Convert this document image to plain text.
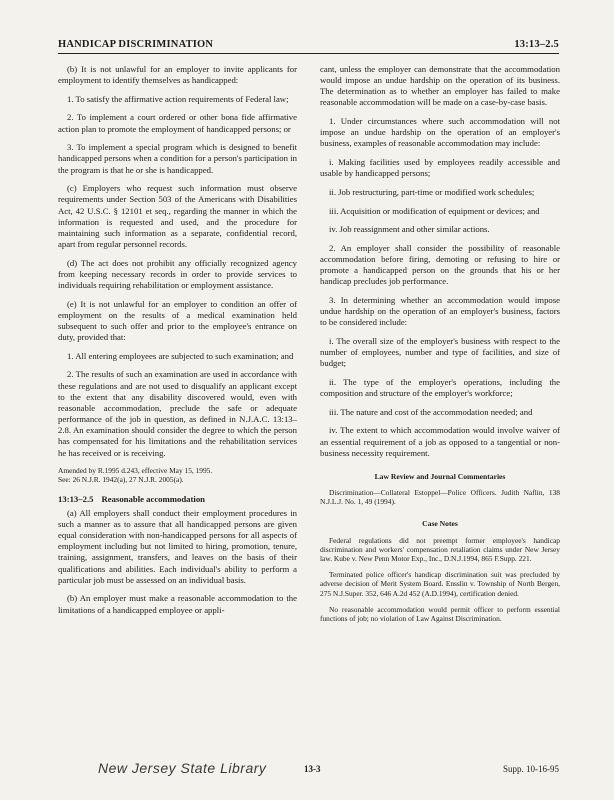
HANDICAP DISCRIMINATION	13:13–2.5

(b) It is not unlawful for an employer to invite applicants for employment to identify themselves as handicapped:

1. To satisfy the affirmative action requirements of Federal law;

2. To implement a court ordered or other bona fide affirmative action plan to promote the employment of handicapped persons; or

3. To implement a special program which is designed to benefit handicapped persons when a condition for a person's participation in the program is that he or she is handicapped.

(c) Employers who request such information must observe requirements under Section 503 of the Americans with Disabilities Act, 42 U.S.C. § 12101 et seq., regarding the manner in which the information is requested and used, and the procedure for maintaining such information as a separate, confidential record, apart from regular personnel records.

(d) The act does not prohibit any officially recognized agency from keeping necessary records in order to provide services to individuals requiring rehabilitation or employment assistance.

(e) It is not unlawful for an employer to condition an offer of employment on the results of a medical examination held subsequent to such offer and prior to the employee's entrance on duty, provided that:

1. All entering employees are subjected to such examination; and

2. The results of such an examination are used in accordance with these regulations and are not used to disqualify an applicant except to the extent that any disability discovered would, even with reasonable accommodation, preclude the safe or adequate performance of the job in question, as defined in N.J.A.C. 13:13–2.8. An examination should consider the degree to which the person has compensated for his limitations and the rehabilitation services he has received or is receiving.

Amended by R.1995 d.243, effective May 15, 1995.
See: 26 N.J.R. 1942(a), 27 N.J.R. 2005(a).

13:13–2.5 Reasonable accommodation

(a) All employers shall conduct their employment procedures in such a manner as to assure that all handicapped persons are given equal consideration with non-handicapped persons for all aspects of employment including but not limited to hiring, promotion, tenure, training, assignment, transfers, and leaves on the basis of their qualifications and abilities. Each individual's ability to perform a particular job must be assessed on an individual basis.

(b) An employer must make a reasonable accommodation to the limitations of a handicapped employee or appli-

cant, unless the employer can demonstrate that the accommodation would impose an undue hardship on the operation of its business. The determination as to whether an employer has failed to make reasonable accommodation will be made on a case-by-case basis.

1. Under circumstances where such accommodation will not impose an undue hardship on the operation of an employer's business, examples of reasonable accommodation may include:

i. Making facilities used by employees readily accessible and usable by handicapped persons;

ii. Job restructuring, part-time or modified work schedules;

iii. Acquisition or modification of equipment or devices; and

iv. Job reassignment and other similar actions.

2. An employer shall consider the possibility of reasonable accommodation before firing, demoting or refusing to hire or promote a handicapped person on the grounds that his or her handicap precludes job performance.

3. In determining whether an accommodation would impose undue hardship on the operation of an employer's business, factors to be considered include:

i. The overall size of the employer's business with respect to the number of employees, number and type of facilities, and size of budget;

ii. The type of the employer's operations, including the composition and structure of the employer's workforce;

iii. The nature and cost of the accommodation needed; and

iv. The extent to which accommodation would involve waiver of an essential requirement of a job as opposed to a tangential or non-business necessity requirement.

Law Review and Journal Commentaries

Discrimination—Collateral Estoppel—Police Officers. Judith Naflin, 138 N.J.L.J. No. 1, 49 (1994).

Case Notes

Federal regulations did not preempt former employee's handicap discrimination and workers' compensation retaliation claims under New Jersey law. Kube v. New Penn Motor Exp., Inc., D.N.J.1994, 865 F.Supp. 221.

Terminated police officer's handicap discrimination suit was precluded by adverse decision of Merit System Board. Ensslin v. Township of North Bergen, 275 N.J.Super. 352, 646 A.2d 452 (A.D.1994), certification denied.

No reasonable accommodation would permit officer to perform essential functions of job; no violation of Law Against Discrimination.

New Jersey State Library	13-3	Supp. 10-16-95
